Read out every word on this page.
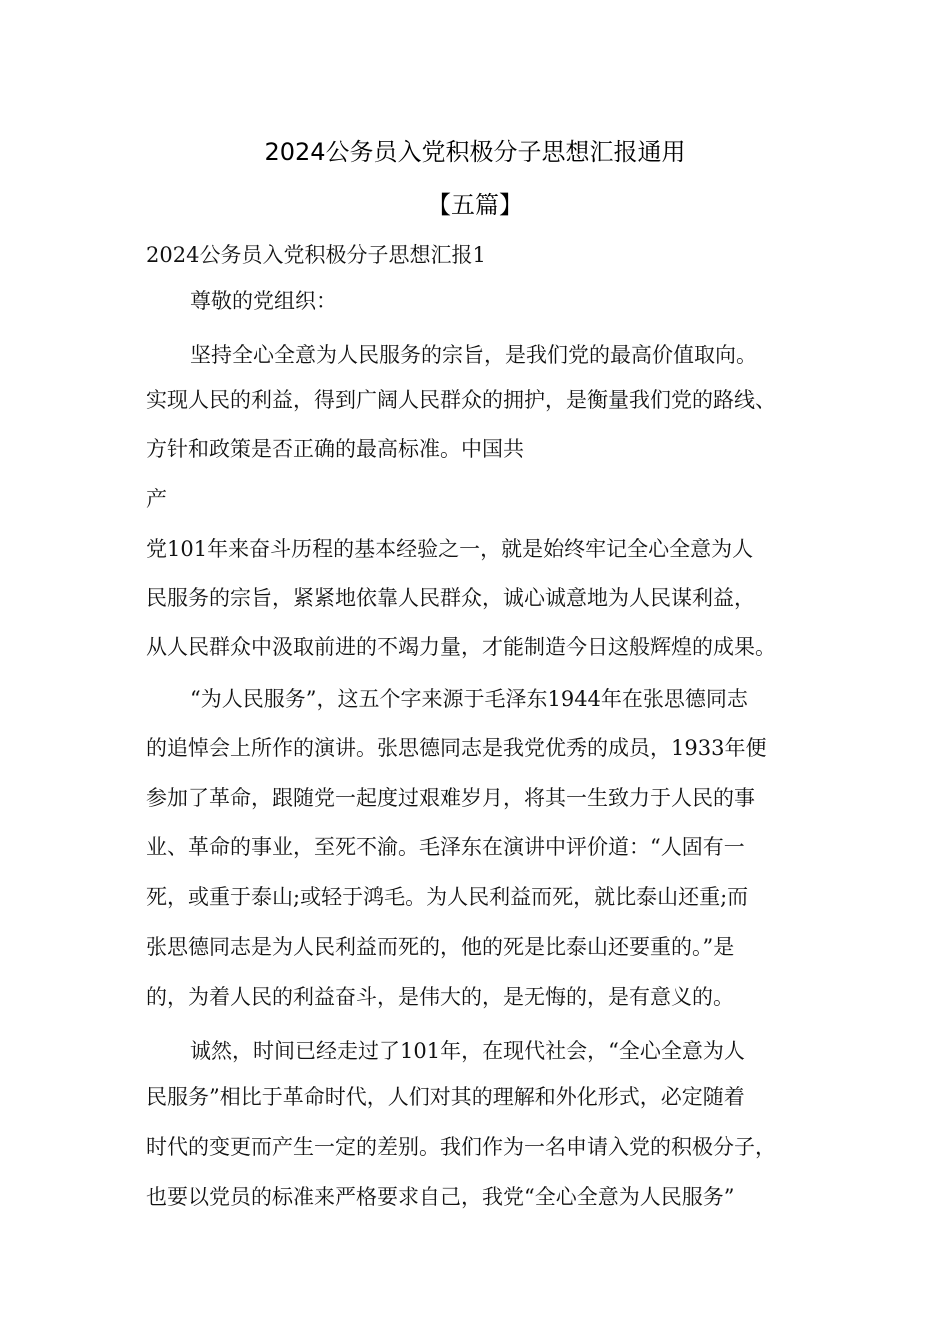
2024公务员入党积极分子思想汇报通用
【五篇】
2024公务员入党积极分子思想汇报1
尊敬的党组织：
坚持全心全意为人民服务的宗旨，是我们党的最高价值取向。
实现人民的利益，得到广阔人民群众的拥护，是衡量我们党的路线、
方针和政策是否正确的最高标准。中国共
产
党101年来奋斗历程的基本经验之一，就是始终牢记全心全意为人
民服务的宗旨，紧紧地依靠人民群众，诚心诚意地为人民谋利益，
从人民群众中汲取前进的不竭力量，才能制造今日这般辉煌的成果。
“为人民服务”，这五个字来源于毛泽东1944年在张思德同志
的追悼会上所作的演讲。张思德同志是我党优秀的成员，1933年便
参加了革命，跟随党一起度过艰难岁月，将其一生致力于人民的事
业、革命的事业，至死不渝。毛泽东在演讲中评价道：“人固有一
死，或重于泰山;或轻于鸿毛。为人民利益而死，就比泰山还重;而
张思德同志是为人民利益而死的，他的死是比泰山还要重的。”是
的，为着人民的利益奋斗，是伟大的，是无悔的，是有意义的。
诚然，时间已经走过了101年，在现代社会，“全心全意为人
民服务”相比于革命时代，人们对其的理解和外化形式，必定随着
时代的变更而产生一定的差别。我们作为一名申请入党的积极分子，
也要以党员的标准来严格要求自己，我党“全心全意为人民服务”
